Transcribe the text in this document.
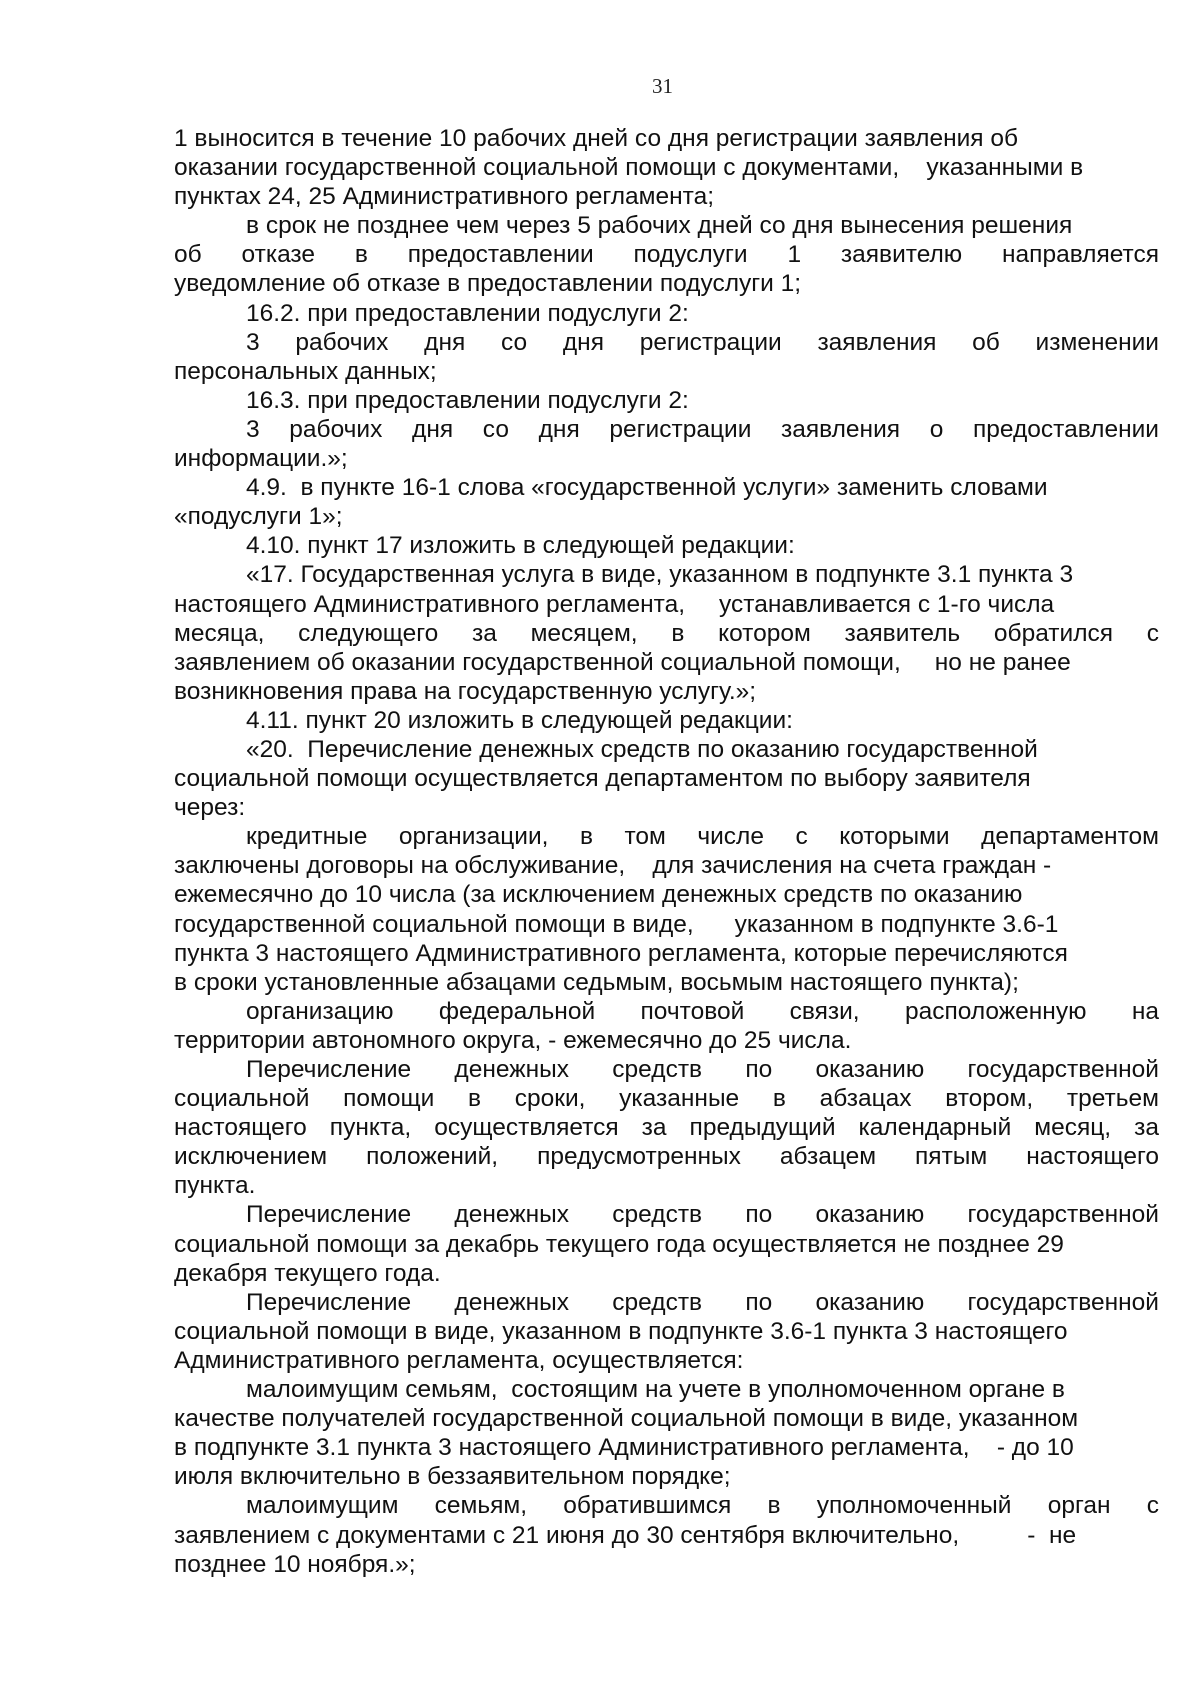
31
1 выносится в течение 10 рабочих дней со дня регистрации заявления об
оказании государственной социальной помощи с документами,    указанными в
пунктах 24, 25 Административного регламента;
в срок не позднее чем через 5 рабочих дней со дня вынесения решения
об отказе в предоставлении подуслуги 1 заявителю направляется
уведомление об отказе в предоставлении подуслуги 1;
16.2. при предоставлении подуслуги 2:
3 рабочих дня со дня регистрации заявления об изменении
персональных данных;
16.3. при предоставлении подуслуги 2:
3 рабочих дня со дня регистрации заявления о предоставлении
информации.»;
4.9.  в пункте 16-1 слова «государственной услуги» заменить словами
«подуслуги 1»;
4.10. пункт 17 изложить в следующей редакции:
«17. Государственная услуга в виде, указанном в подпункте 3.1 пункта 3
настоящего Административного регламента,     устанавливается с 1-го числа
месяца, следующего за месяцем, в котором заявитель обратился с
заявлением об оказании государственной социальной помощи,     но не ранее
возникновения права на государственную услугу.»;
4.11. пункт 20 изложить в следующей редакции:
«20.  Перечисление денежных средств по оказанию государственной
социальной помощи осуществляется департаментом по выбору заявителя
через:
кредитные организации, в том числе с которыми департаментом
заключены договоры на обслуживание,    для зачисления на счета граждан -
ежемесячно до 10 числа (за исключением денежных средств по оказанию
государственной социальной помощи в виде,      указанном в подпункте 3.6-1
пункта 3 настоящего Административного регламента, которые перечисляются
в сроки установленные абзацами седьмым, восьмым настоящего пункта);
организацию федеральной почтовой связи, расположенную на
территории автономного округа, - ежемесячно до 25 числа.
Перечисление денежных средств по оказанию государственной
социальной помощи в сроки, указанные в абзацах втором, третьем
настоящего пункта, осуществляется за предыдущий календарный месяц, за
исключением положений, предусмотренных абзацем пятым настоящего
пункта.
Перечисление денежных средств по оказанию государственной
социальной помощи за декабрь текущего года осуществляется не позднее 29
декабря текущего года.
Перечисление денежных средств по оказанию государственной
социальной помощи в виде, указанном в подпункте 3.6-1 пункта 3 настоящего
Административного регламента, осуществляется:
малоимущим семьям,  состоящим на учете в уполномоченном органе в
качестве получателей государственной социальной помощи в виде, указанном
в подпункте 3.1 пункта 3 настоящего Административного регламента,    - до 10
июля включительно в беззаявительном порядке;
малоимущим семьям, обратившимся в уполномоченный орган с
заявлением с документами с 21 июня до 30 сентября включительно,          -  не
позднее 10 ноября.»;
